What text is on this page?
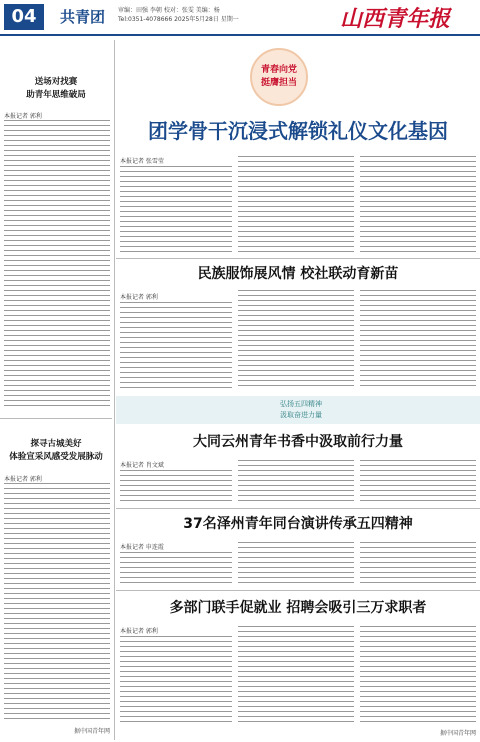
04	共青团 审编：田强 李朝 校对：张雯 美编：杨
Tel:0351-4078666 2025年5月28日 星期一	山西青年报
送场对找赛
助青年思维破局
本报记者 郭利
探寻古城美好
体验宣采风感受发展脉动
本报记者 郭利
据中国青年网
青春向党
挺膺担当
团学骨干沉浸式解锁礼仪文化基因
本报记者 张雪莹
民族服饰展风情 校社联动育新苗
本报记者 郭利
弘扬五四精神
汲取奋进力量
大同云州青年书香中汲取前行力量
本报记者 肖文斌
37名泽州青年同台演讲传承五四精神
本报记者 申连霞
多部门联手促就业 招聘会吸引三万求职者
本报记者 郭利
据中国青年网
